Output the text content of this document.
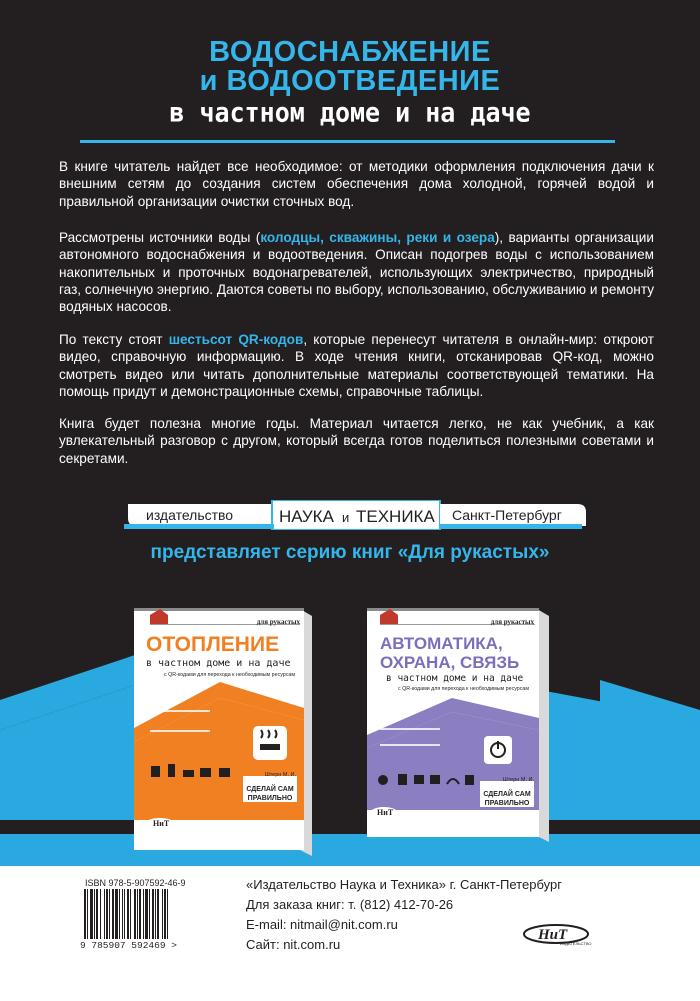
ВОДОСНАБЖЕНИЕ
и ВОДООТВЕДЕНИЕ
в частном доме и на даче
В книге читатель найдет все необходимое: от методики оформления подключения дачи к внешним сетям до создания систем обеспечения дома холодной, горячей водой и правильной организации очистки сточных вод.
Рассмотрены источники воды (колодцы, скважины, реки и озера), варианты организации автономного водоснабжения и водоотведения. Описан подогрев воды с использованием накопительных и проточных водонагревателей, использующих электричество, природный газ, солнечную энергию. Даются советы по выбору, использованию, обслуживанию и ремонту водяных насосов.
По тексту стоят шестьсот QR-кодов, которые перенесут читателя в онлайн-мир: откроют видео, справочную информацию. В ходе чтения книги, отсканировав QR-код, можно смотреть видео или читать дополнительные материалы соответствующей тематики. На помощь придут и демонстрационные схемы, справочные таблицы.
Книга будет полезна многие годы. Материал читается легко, не как учебник, а как увлекательный разговор с другом, который всегда готов поделиться полезными советами и секретами.
издательство	НАУКА и ТЕХНИКА Санкт-Петербург
представляет серию книг «Для рукастых»
для рукастых
ОТОПЛЕНИЕ
в частном доме и на даче
с QR-кодами для перехода к необходимым ресурсам
Штерн М. И.
СДЕЛАЙ САМ
ПРАВИЛЬНО
НиТ
для рукастых
АВТОМАТИКА,
ОХРАНА, СВЯЗЬ
в частном доме и на даче
с QR-кодами для перехода к необходимым ресурсам
Штерн М. И.
СДЕЛАЙ САМ
ПРАВИЛЬНО
НиТ
НиТ
ИЗДАТЕЛЬСТВО
ISBN 978-5-907592-46-9
9 785907 592469 >
«Издательство Наука и Техника» г. Санкт-Петербург
Для заказа книг: т. (812) 412-70-26
E-mail: nitmail@nit.com.ru
Сайт: nit.com.ru
